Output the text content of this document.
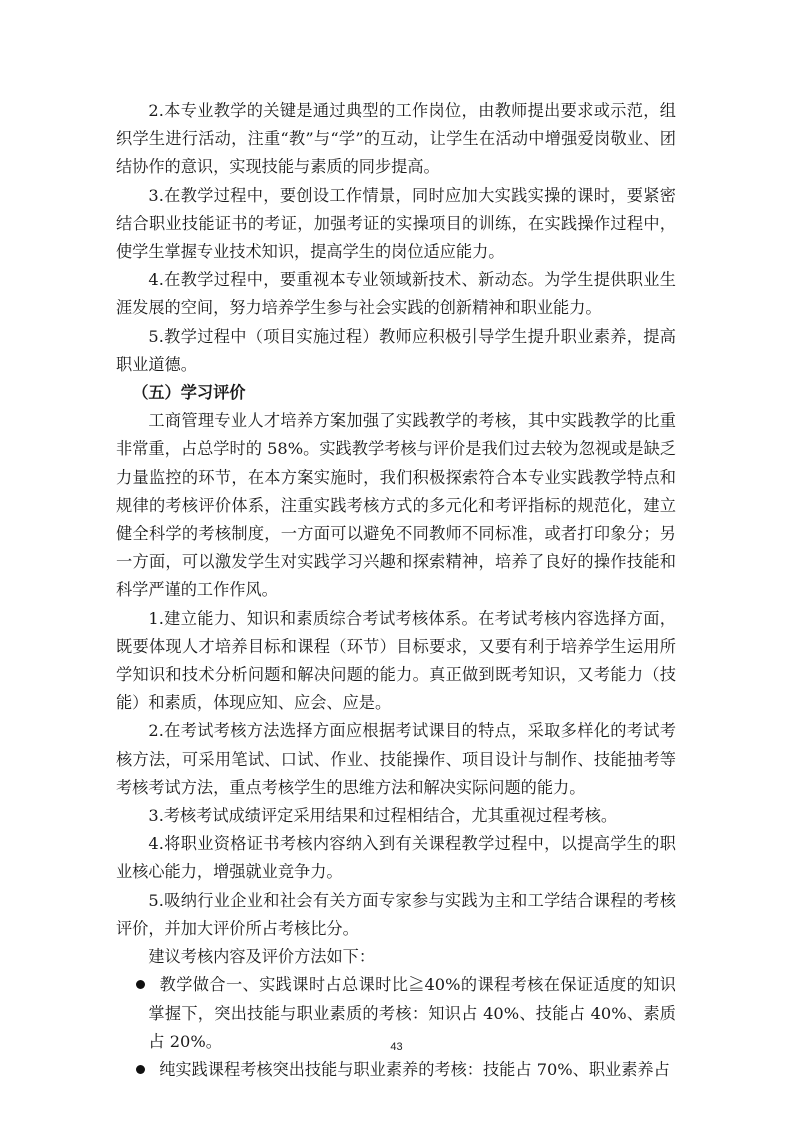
2.本专业教学的关键是通过典型的工作岗位，由教师提出要求或示范，组织学生进行活动，注重“教”与“学”的互动，让学生在活动中增强爱岗敬业、团结协作的意识，实现技能与素质的同步提高。

3.在教学过程中，要创设工作情景，同时应加大实践实操的课时，要紧密结合职业技能证书的考证，加强考证的实操项目的训练，在实践操作过程中，使学生掌握专业技术知识，提高学生的岗位适应能力。

4.在教学过程中，要重视本专业领域新技术、新动态。为学生提供职业生涯发展的空间，努力培养学生参与社会实践的创新精神和职业能力。

5.教学过程中（项目实施过程）教师应积极引导学生提升职业素养，提高职业道德。

（五）学习评价

工商管理专业人才培养方案加强了实践教学的考核，其中实践教学的比重非常重，占总学时的 58%。实践教学考核与评价是我们过去较为忽视或是缺乏力量监控的环节，在本方案实施时，我们积极探索符合本专业实践教学特点和规律的考核评价体系，注重实践考核方式的多元化和考评指标的规范化，建立健全科学的考核制度，一方面可以避免不同教师不同标准，或者打印象分；另一方面，可以激发学生对实践学习兴趣和探索精神，培养了良好的操作技能和科学严谨的工作作风。

1.建立能力、知识和素质综合考试考核体系。在考试考核内容选择方面，既要体现人才培养目标和课程（环节）目标要求，又要有利于培养学生运用所学知识和技术分析问题和解决问题的能力。真正做到既考知识，又考能力（技能）和素质，体现应知、应会、应是。

2.在考试考核方法选择方面应根据考试课目的特点，采取多样化的考试考核方法，可采用笔试、口试、作业、技能操作、项目设计与制作、技能抽考等考核考试方法，重点考核学生的思维方法和解决实际问题的能力。

3.考核考试成绩评定采用结果和过程相结合，尤其重视过程考核。

4.将职业资格证书考核内容纳入到有关课程教学过程中，以提高学生的职业核心能力，增强就业竞争力。

5.吸纳行业企业和社会有关方面专家参与实践为主和工学结合课程的考核评价，并加大评价所占考核比分。

建议考核内容及评价方法如下：

教学做合一、实践课时占总课时比≧40%的课程考核在保证适度的知识掌握下，突出技能与职业素质的考核：知识占 40%、技能占 40%、素质占 20%。

纯实践课程考核突出技能与职业素养的考核：技能占 70%、职业素养占

43
